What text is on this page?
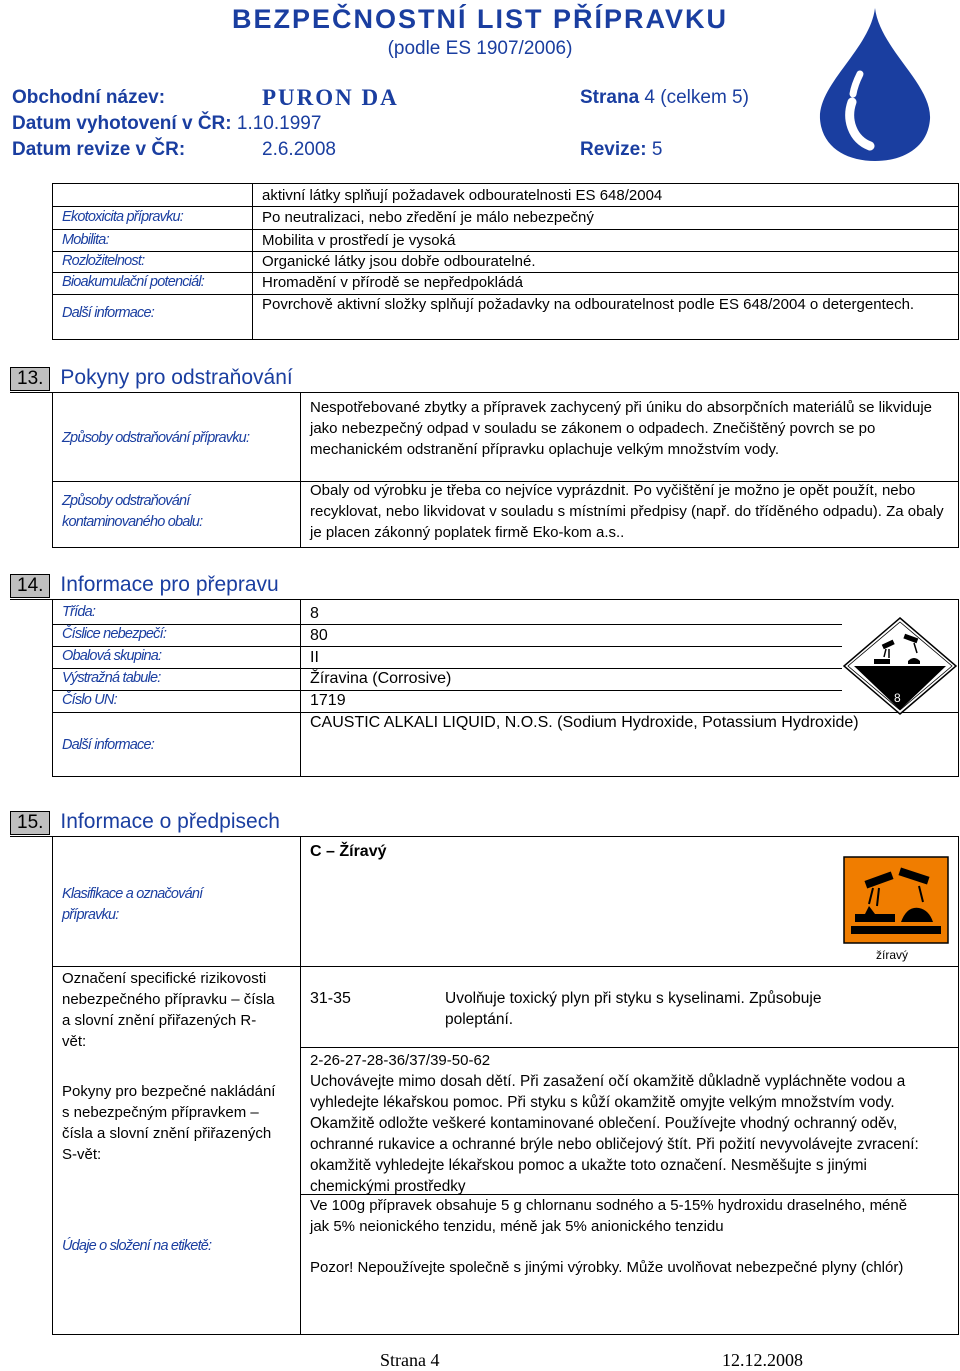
BEZPEČNOSTNÍ LIST PŘÍPRAVKU
(podle ES 1907/2006)
Obchodní název:	PURON DA	Strana 4 (celkem 5)
Datum vyhotovení v ČR: 1.10.1997
Datum revize v ČR:	2.6.2008	Revize: 5
aktivní látky splňují požadavek odbouratelnosti ES 648/2004
Ekotoxicita přípravku:	Po neutralizaci, nebo zředění je málo nebezpečný
Mobilita:	Mobilita v prostředí je vysoká
Rozložitelnost:	Organické látky jsou dobře odbouratelné.
Bioakumulační potenciál:	Hromadění v přírodě se nepředpokládá
Další informace:	Povrchově aktivní složky splňují požadavky na odbouratelnost podle ES 648/2004 o detergentech.
13. Pokyny pro odstraňování
Způsoby odstraňování přípravku:
Nespotřebované zbytky a přípravek zachycený při úniku do absorpčních materiálů se likviduje jako nebezpečný odpad v souladu se zákonem o odpadech. Znečištěný povrch se po mechanickém odstranění přípravku oplachuje velkým množstvím vody.
Způsoby odstraňování kontaminovaného obalu:
Obaly od výrobku je třeba co nejvíce vyprázdnit. Po vyčištění je možno je opět použít, nebo recyklovat, nebo likvidovat v souladu s místními předpisy (např. do tříděného odpadu). Za obaly je placen zákonný poplatek firmě Eko-kom a.s..
14. Informace pro přepravu
Třída:	8
Číslice nebezpečí:	80
Obalová skupina:	II
Výstražná tabule:	Žíravina (Corrosive)
Číslo UN:	1719
Další informace:
CAUSTIC ALKALI LIQUID, N.O.S. (Sodium Hydroxide, Potassium Hydroxide)
8
15. Informace o předpisech
Klasifikace a označování přípravku:
C – Žíravý
žíravý
Označení specifické rizikovosti nebezpečného přípravku – čísla a slovní znění přiřazených R-vět:
31-35	Uvolňuje toxický plyn při styku s kyselinami. Způsobuje poleptání.
Pokyny pro bezpečné nakládání s nebezpečným přípravkem – čísla a slovní znění přiřazených S-vět:
2-26-27-28-36/37/39-50-62
Uchovávejte mimo dosah dětí. Při zasažení očí okamžitě důkladně vypláchněte vodou a vyhledejte lékařskou pomoc. Při styku s kůží okamžitě omyjte velkým množstvím vody. Okamžitě odložte veškeré kontaminované oblečení. Používejte vhodný ochranný oděv, ochranné rukavice a ochranné brýle nebo obličejový štít. Při požití nevyvolávejte zvracení: okamžitě vyhledejte lékařskou pomoc a ukažte toto označení. Nesměšujte s jinými chemickými prostředky
Údaje o složení na etiketě:
Ve 100g přípravek obsahuje 5 g chlornanu sodného a 5-15% hydroxidu draselného, méně jak 5% neionického tenzidu, méně jak 5% anionického tenzidu
Pozor! Nepoužívejte společně s jinými výrobky. Může uvolňovat nebezpečné plyny (chlór)
Strana 4	12.12.2008
